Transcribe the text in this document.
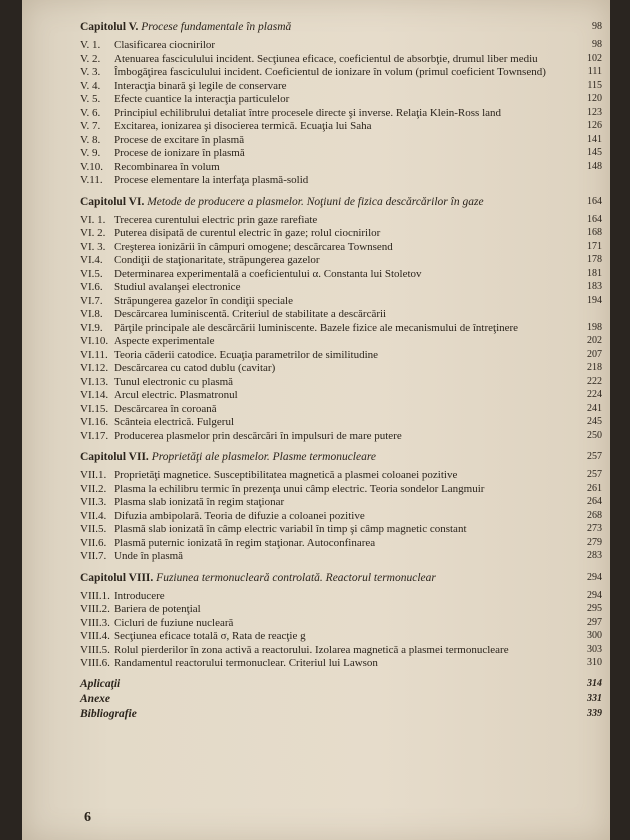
Capitolul V. Procese fundamentale în plasmă	98
V. 1.	Clasificarea ciocnirilor	98
V. 2.	Atenuarea fasciculului incident. Secţiunea eficace, coeficientul de absorbţie, drumul liber mediu	102
V. 3.	Îmbogăţirea fasciculului incident. Coeficientul de ionizare în volum (primul coeficient Townsend)	111
V. 4.	Interacţia binară şi legile de conservare	115
V. 5.	Efecte cuantice la interacţia particulelor	120
V. 6.	Principiul echilibrului detaliat între procesele directe şi inverse. Relaţia Klein-Ross land	123
V. 7.	Excitarea, ionizarea şi disocierea termică. Ecuaţia lui Saha	126
V. 8.	Procese de excitare în plasmă	141
V. 9.	Procese de ionizare în plasmă	145
V.10. Recombinarea în volum	148
V.11.	Procese elementare la interfaţa plasmă-solid
Capitolul VI. Metode de producere a plasmelor. Noţiuni de fizica descărcărilor în gaze	164
VI. 1. Trecerea curentului electric prin gaze rarefiate	164
VI. 2. Puterea disipată de curentul electric în gaze; rolul ciocnirilor	168
VI. 3. Creşterea ionizării în câmpuri omogene; descărcarea Townsend	171
VI.4.	Condiţii de staţionaritate, străpungerea gazelor	178
VI.5.	Determinarea experimentală a coeficientului α. Constanta lui Stoletov	181
VI.6.	Studiul avalanşei electronice	183
VI.7.	Străpungerea gazelor în condiţii speciale	194
VI.8.	Descărcarea luminiscentă. Criteriul de stabilitate a descărcării
VI.9.	Părţile principale ale descărcării luminiscente. Bazele fizice ale mecanismului de întreţinere	198
VI.10. Aspecte experimentale	202
VI.11. Teoria căderii catodice. Ecuaţia parametrilor de similitudine	207
VI.12. Descărcarea cu catod dublu (cavitar)	218
VI.13. Tunul electronic cu plasmă	222
VI.14. Arcul electric. Plasmatronul	224
VI.15. Descărcarea în coroană	241
VI.16. Scânteia electrică. Fulgerul	245
VI.17. Producerea plasmelor prin descărcări în impulsuri de mare putere	250
Capitolul VII. Proprietăţi ale plasmelor. Plasme termonucleare	257
VII.1. Proprietăţi magnetice. Susceptibilitatea magnetică a plasmei coloanei pozitive	257
VII.2. Plasma la echilibru termic în prezenţa unui câmp electric. Teoria sondelor Langmuir	261
VII.3. Plasma slab ionizată în regim staţionar	264
VII.4. Difuzia ambipolară. Teoria de difuzie a coloanei pozitive	268
VII.5. Plasmă slab ionizată în câmp electric variabil în timp şi câmp magnetic constant	273
VII.6. Plasmă puternic ionizată în regim staţionar. Autoconfinarea	279
VII.7. Unde în plasmă	283
Capitolul VIII. Fuziunea termonucleară controlată. Reactorul termonuclear	294
VIII.1. Introducere	294
VIII.2. Bariera de potenţial	295
VIII.3. Cicluri de fuziune nucleară	297
VIII.4. Secţiunea eficace totală σ, Rata de reacţie g	300
VIII.5. Rolul pierderilor în zona activă a reactorului. Izolarea magnetică a plasmei termonucleare	303
VIII.6. Randamentul reactorului termonuclear. Criteriul lui Lawson	310
Aplicaţii	314
Anexe	331
Bibliografie	339
6
